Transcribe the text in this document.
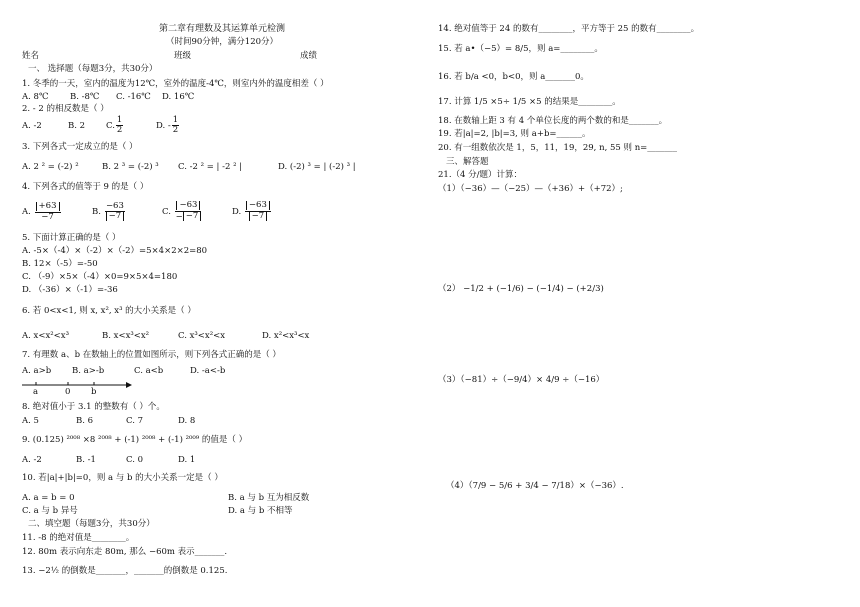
第二章有理数及其运算单元检测
（时间90分钟，满分120分）
姓名	班级	成绩
一、 选择题（每题3分，共30分）
1. 冬季的一天，室内的温度为12℃，室外的温度-4℃，则室内外的温度相差（ ）
A. 8℃	B. -8℃ C. -16℃ D. 16℃
2. - 2 的相反数是（ ）
A. -2	B. 2 C. $\frac{1}{2}$	D. - $\frac{1}{2}$
3. 下列各式一定成立的是（ ）
A. 2 ² = (-2) ²	B. 2 ³ = (-2) ³ C. -2 ² = | -2 ² |	D. (-2) ³ = | (-2) ³ |
4. 下列各式的值等于 9 的是（ ）
A. $\frac{+63}{-7}$	B. $\frac{-63}{-7}$	C. $\frac{-63}{- -7}$	D. $\frac{-63}{-7}$
5. 下面计算正确的是（ ）
A. -5×（-4）×（-2）×（-2）=5×4×2×2=80
B. 12×（-5）=-50
C. （-9）×5×（-4）×0=9×5×4=180
D. （-36）×（-1）=-36
6. 若 0<x<1, 则 x, x², x³ 的大小关系是（ ）
A. x<x²<x³	B. x<x³<x²	C. x³<x²<x	D. x²<x³<x
7. 有理数 a、b 在数轴上的位置如图所示，则下列各式正确的是（ ）
A. a>b B. a>-b	C. a<b	D. -a<-b
a	0 b
8. 绝对值小于 3.1 的整数有（ ）个。
A. 5	B. 6	C. 7	D. 8
9. (0.125) ²⁰⁰⁸ ×8 ²⁰⁰⁸ + (-1) ²⁰⁰⁸ + (-1) ²⁰⁰⁹ 的值是（ ）
A. -2	B. -1	C. 0	D. 1
10. 若|a|+|b|=0，则 a 与 b 的大小关系一定是（ ）
A. a = b = 0	B. a 与 b 互为相反数
C. a 与 b 异号	D. a 与 b 不相等
二、填空题（每题3分，共30分）
11. -8 的绝对值是________。
12. 80m 表示向东走 80m, 那么 −60m 表示_______.
13. −2½ 的倒数是_______，_______的倒数是 0.125.
14. 绝对值等于 24 的数有________，平方等于 25 的数有________。
15. 若 a•（−5）= 8/5，则 a=________。
16. 若 b/a <0，b<0，则 a_______0。
17. 计算 1/5 ×5÷ 1/5 ×5 的结果是________。
18. 在数轴上距 3 有 4 个单位长度的两个数的和是_______。
19. 若|a|=2, |b|=3, 则 a+b=______。
20. 有一组数依次是 1，5，11，19，29, n, 55 则 n=_______
三、解答题
21.（4 分/题）计算：
（1）（−36）—（−25）—（+36）+（+72）;
（2） −1/2 + (−1/6) − (−1/4) − (+2/3)
（3）（−81）÷（−9/4）× 4/9 ÷（−16）
（4）（7/9 − 5/6 + 3/4 − 7/18）×（−36）.
